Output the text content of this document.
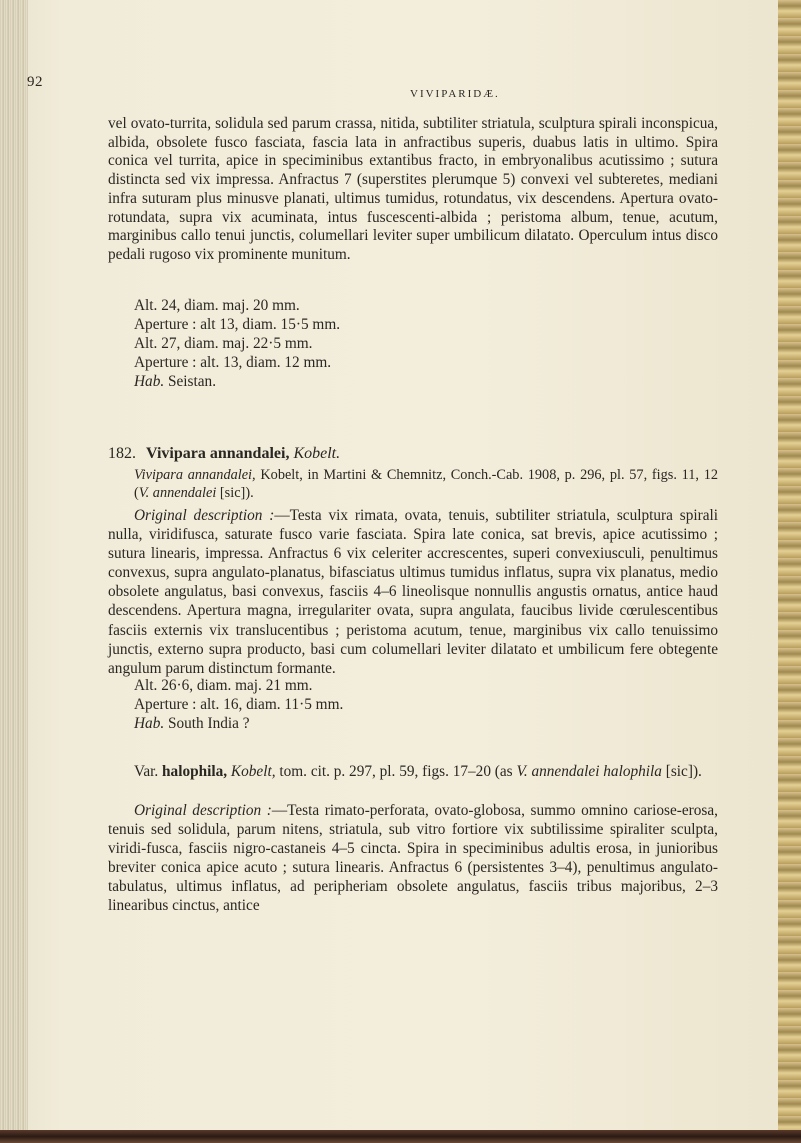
92
VIVIPARIDÆ.
vel ovato-turrita, solidula sed parum crassa, nitida, subtiliter striatula, sculptura spirali inconspicua, albida, obsolete fusco fasciata, fascia lata in anfractibus superis, duabus latis in ultimo. Spira conica vel turrita, apice in speciminibus extantibus fracto, in embryonalibus acutissimo ; sutura distincta sed vix impressa. Anfractus 7 (superstites plerumque 5) convexi vel subteretes, mediani infra suturam plus minusve planati, ultimus tumidus, rotundatus, vix descendens. Apertura ovato-rotundata, supra vix acuminata, intus fuscescenti-albida ; peristoma album, tenue, acutum, marginibus callo tenui junctis, columellari leviter super umbilicum dilatato. Operculum intus disco pedali rugoso vix prominente munitum.
Alt. 24, diam. maj. 20 mm.
Aperture : alt 13, diam. 15·5 mm.
Alt. 27, diam. maj. 22·5 mm.
Aperture : alt. 13, diam. 12 mm.
Hab. Seistan.
182. Vivipara annandalei, Kobelt.
Vivipara annandalei, Kobelt, in Martini & Chemnitz, Conch.-Cab. 1908, p. 296, pl. 57, figs. 11, 12 (V. annendalei [sic]).
Original description :—Testa vix rimata, ovata, tenuis, subtiliter striatula, sculptura spirali nulla, viridifusca, saturate fusco varie fasciata. Spira late conica, sat brevis, apice acutissimo ; sutura linearis, impressa. Anfractus 6 vix celeriter accrescentes, superi convexiusculi, penultimus convexus, supra angulato-planatus, bifasciatus ultimus tumidus inflatus, supra vix planatus, medio obsolete angulatus, basi convexus, fasciis 4–6 lineolisque nonnullis angustis ornatus, antice haud descendens. Apertura magna, irregulariter ovata, supra angulata, faucibus livide cœrulescentibus fasciis externis vix translucentibus ; peristoma acutum, tenue, marginibus vix callo tenuissimo junctis, externo supra producto, basi cum columellari leviter dilatato et umbilicum fere obtegente angulum parum distinctum formante.
Alt. 26·6, diam. maj. 21 mm.
Aperture : alt. 16, diam. 11·5 mm.
Hab. South India ?
Var. halophila, Kobelt, tom. cit. p. 297, pl. 59, figs. 17–20 (as V. annendalei halophila [sic]).
Original description :—Testa rimato-perforata, ovato-globosa, summo omnino cariose-erosa, tenuis sed solidula, parum nitens, striatula, sub vitro fortiore vix subtilissime spiraliter sculpta, viridi-fusca, fasciis nigro-castaneis 4–5 cincta. Spira in speciminibus adultis erosa, in junioribus breviter conica apice acuto ; sutura linearis. Anfractus 6 (persistentes 3–4), penultimus angulato-tabulatus, ultimus inflatus, ad peripheriam obsolete angulatus, fasciis tribus majoribus, 2–3 linearibus cinctus, antice
